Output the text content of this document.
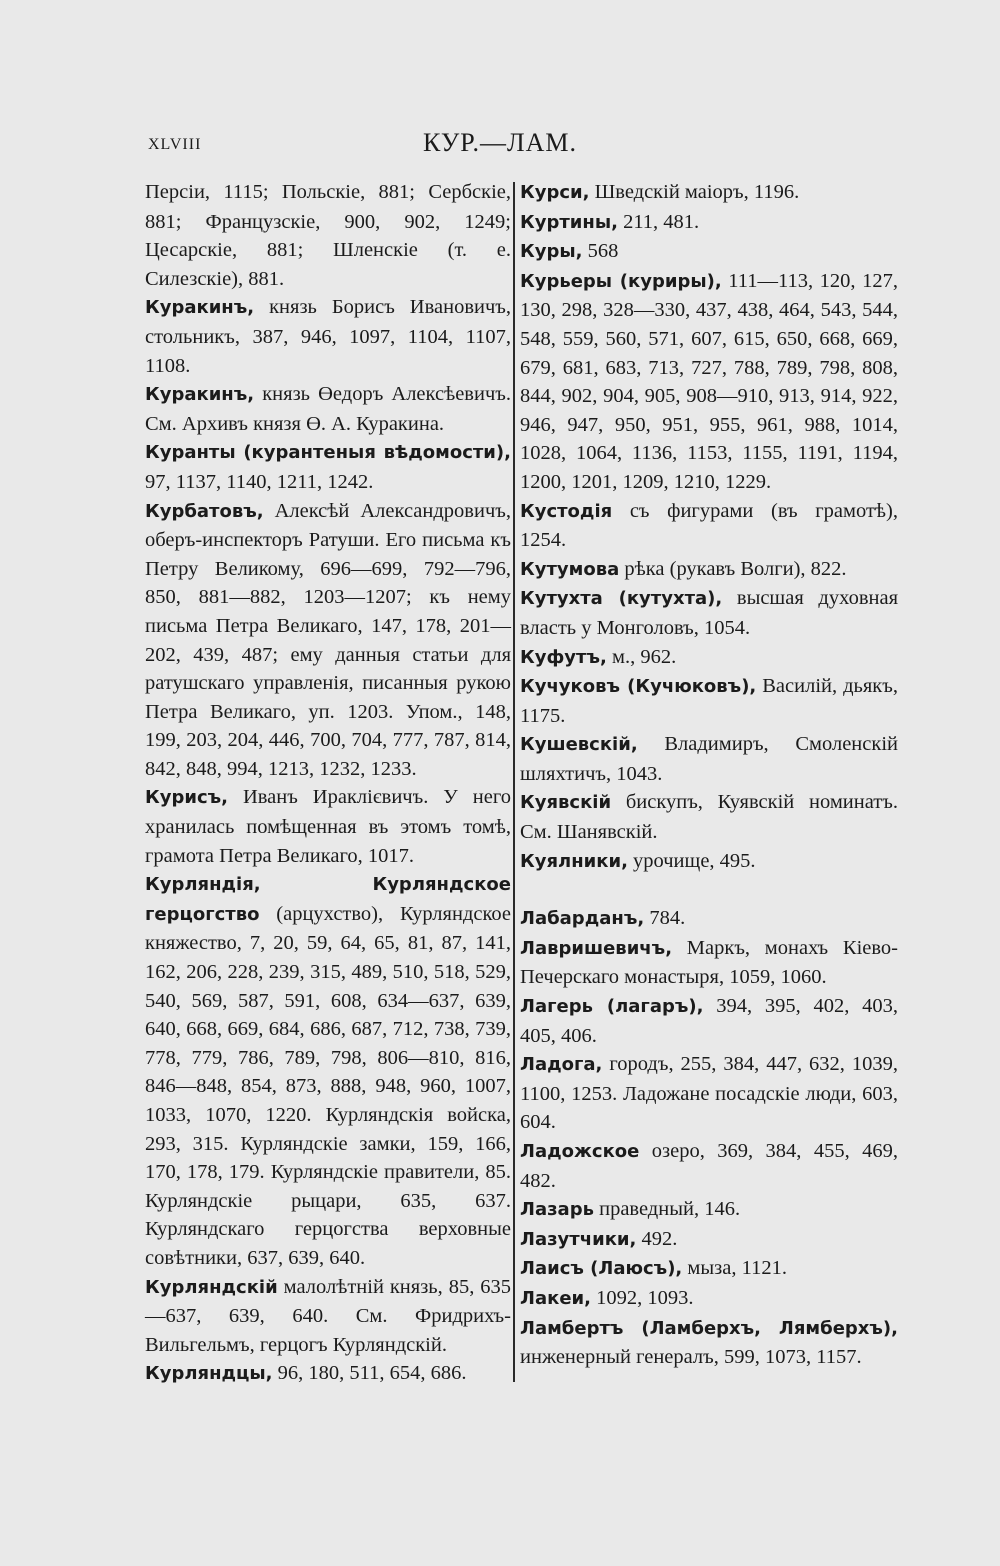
XLVIII	КУР.—ЛАМ.

Персіи, 1115; Польскіе, 881; Сербскіе, 881; Французскіе, 900, 902, 1249; Цесарскіе, 881; Шленскіе (т. е. Силезскіе), 881.

Куракинъ, князь Борисъ Ивановичъ, стольникъ, 387, 946, 1097, 1104, 1107, 1108.

Куракинъ, князь Өедоръ Алексѣевичъ. См. Архивъ князя Ө. А. Куракина.

Куранты (курантеныя вѣдомости), 97, 1137, 1140, 1211, 1242.

Курбатовъ, Алексѣй Александровичъ, оберъ-инспекторъ Ратуши. Его письма къ Петру Великому, 696—699, 792—796, 850, 881—882, 1203—1207; къ нему письма Петра Великаго, 147, 178, 201—202, 439, 487; ему данныя статьи для ратушскаго управленія, писанныя рукою Петра Великаго, уп. 1203. Упом., 148, 199, 203, 204, 446, 700, 704, 777, 787, 814, 842, 848, 994, 1213, 1232, 1233.

Курисъ, Иванъ Ираклієвичъ. У него хранилась помѣщенная въ этомъ томѣ, грамота Петра Великаго, 1017.

Курляндія, Курляндское герцогство (арцухство), Курляндское княжество, 7, 20, 59, 64, 65, 81, 87, 141, 162, 206, 228, 239, 315, 489, 510, 518, 529, 540, 569, 587, 591, 608, 634—637, 639, 640, 668, 669, 684, 686, 687, 712, 738, 739, 778, 779, 786, 789, 798, 806—810, 816, 846—848, 854, 873, 888, 948, 960, 1007, 1033, 1070, 1220. Курляндскія войска, 293, 315. Курляндскіе замки, 159, 166, 170, 178, 179. Курляндскіе правители, 85. Курляндскіе рыцари, 635, 637. Курляндскаго герцогства верховные совѣтники, 637, 639, 640.

Курляндскій малолѣтній князь, 85, 635—637, 639, 640. См. Фридрихъ-Вильгельмъ, герцогъ Курляндскій.

Курляндцы, 96, 180, 511, 654, 686.

Курси, Шведскій маіоръ, 1196.

Куртины, 211, 481.

Куры, 568

Курьеры (куриры), 111—113, 120, 127, 130, 298, 328—330, 437, 438, 464, 543, 544, 548, 559, 560, 571, 607, 615, 650, 668, 669, 679, 681, 683, 713, 727, 788, 789, 798, 808, 844, 902, 904, 905, 908—910, 913, 914, 922, 946, 947, 950, 951, 955, 961, 988, 1014, 1028, 1064, 1136, 1153, 1155, 1191, 1194, 1200, 1201, 1209, 1210, 1229.

Кустодія съ фигурами (въ грамотѣ), 1254.

Кутумова рѣка (рукавъ Волги), 822.

Кутухта (кутухта), высшая духовная власть у Монголовъ, 1054.

Куфутъ, м., 962.

Кучуковъ (Кучюковъ), Василій, дьякъ, 1175.

Кушевскій, Владимиръ, Смоленскій шляхтичъ, 1043.

Куявскій бискупъ, Куявскій номинатъ. См. Шанявскій.

Куялники, урочище, 495.

Лабарданъ, 784.

Лавришевичъ, Маркъ, монахъ Кіево-Печерскаго монастыря, 1059, 1060.

Лагерь (лагаръ), 394, 395, 402, 403, 405, 406.

Ладога, городъ, 255, 384, 447, 632, 1039, 1100, 1253. Ладожане посадскіе люди, 603, 604.

Ладожское озеро, 369, 384, 455, 469, 482.

Лазарь праведный, 146.

Лазутчики, 492.

Лаисъ (Лаюсъ), мыза, 1121.

Лакеи, 1092, 1093.

Ламбертъ (Ламберхъ, Лямберхъ), инженерный генералъ, 599, 1073, 1157.
